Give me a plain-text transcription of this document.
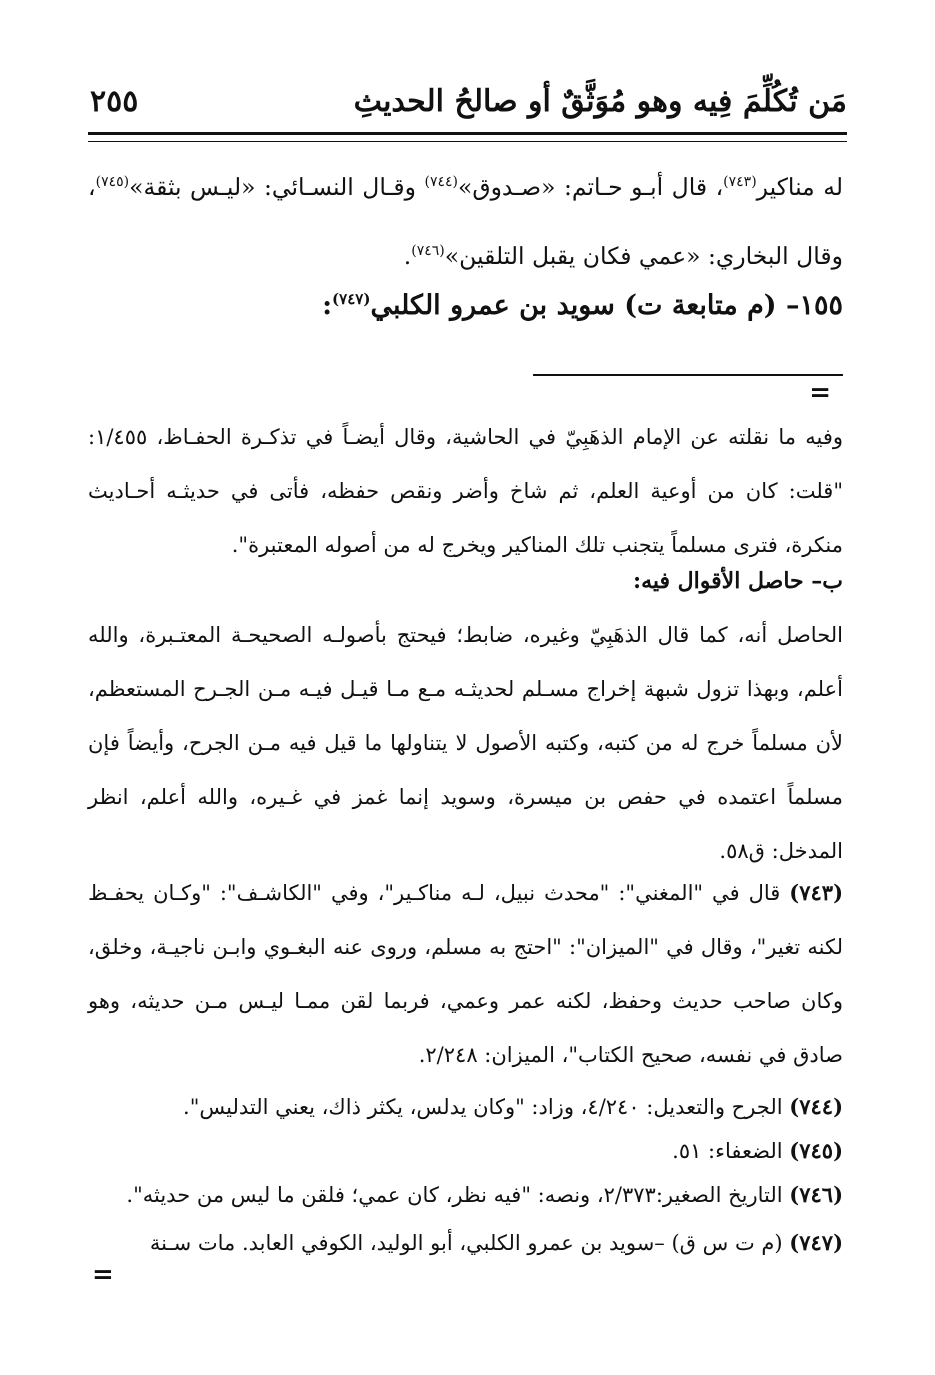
مَن تُكُلِّمَ فِيه وهو مُوَثَّقٌ أو صالحُ الحديثِ
٢٥٥

له مناكير$^{(٧٤٣)}$، قال أبـو حـاتم: «صـدوق»$^{(٧٤٤)}$ وقـال النسـائي: «ليـس بثقة»$^{(٧٤٥)}$، وقال البخاري: «عمي فكان يقبل التلقين»$^{(٧٤٦)}$.

١٥٥– (م متابعة ت) سويد بن عمرو الكلبي$^{(٧٤٧)}$:
=

وفيه ما نقلته عن الإمام الذهَبِيّ في الحاشية، وقال أيضـاً في تذكـرة الحفـاظ، ١/٤٥٥: "قلت: كان من أوعية العلم، ثم شاخ وأضر ونقص حفظه، فأتى في حديثـه أحـاديث منكرة، فترى مسلماً يتجنب تلك المناكير ويخرج له من أصوله المعتبرة".

ب– حاصل الأقوال فيه:

الحاصل أنه، كما قال الذهَبِيّ وغيره، ضابط؛ فيحتج بأصولـه الصحيحـة المعتـبرة، والله أعلم، وبهذا تزول شبهة إخراج مسـلم لحديثـه مـع مـا قيـل فيـه مـن الجـرح المستعظم، لأن مسلماً خرج له من كتبه، وكتبه الأصول لا يتناولها ما قيل فيه مـن الجرح، وأيضاً فإن مسلماً اعتمده في حفص بن ميسرة، وسويد إنما غمز في غـيره، والله أعلم، انظر المدخل: ق٥٨.

(٧٤٣) قال في "المغني": "محدث نبيل، لـه مناكـير"، وفي "الكاشـف": "وكـان يحفـظ لكنه تغير"، وقال في "الميزان": "احتج به مسلم، وروى عنه البغـوي وابـن ناجيـة، وخلق، وكان صاحب حديث وحفظ، لكنه عمر وعمي، فربما لقن ممـا ليـس مـن حديثه، وهو صادق في نفسه، صحيح الكتاب"، الميزان: ٢/٢٤٨.

(٧٤٤) الجرح والتعديل: ٤/٢٤٠، وزاد: "وكان يدلس، يكثر ذاك، يعني التدليس".

(٧٤٥) الضعفاء: ٥١.

(٧٤٦) التاريخ الصغير:٢/٣٧٣، ونصه: "فيه نظر، كان عمي؛ فلقن ما ليس من حديثه".

(٧٤٧) (م ت س ق) –سويد بن عمرو الكلبي، أبو الوليد، الكوفي العابد. مات سـنة

=
